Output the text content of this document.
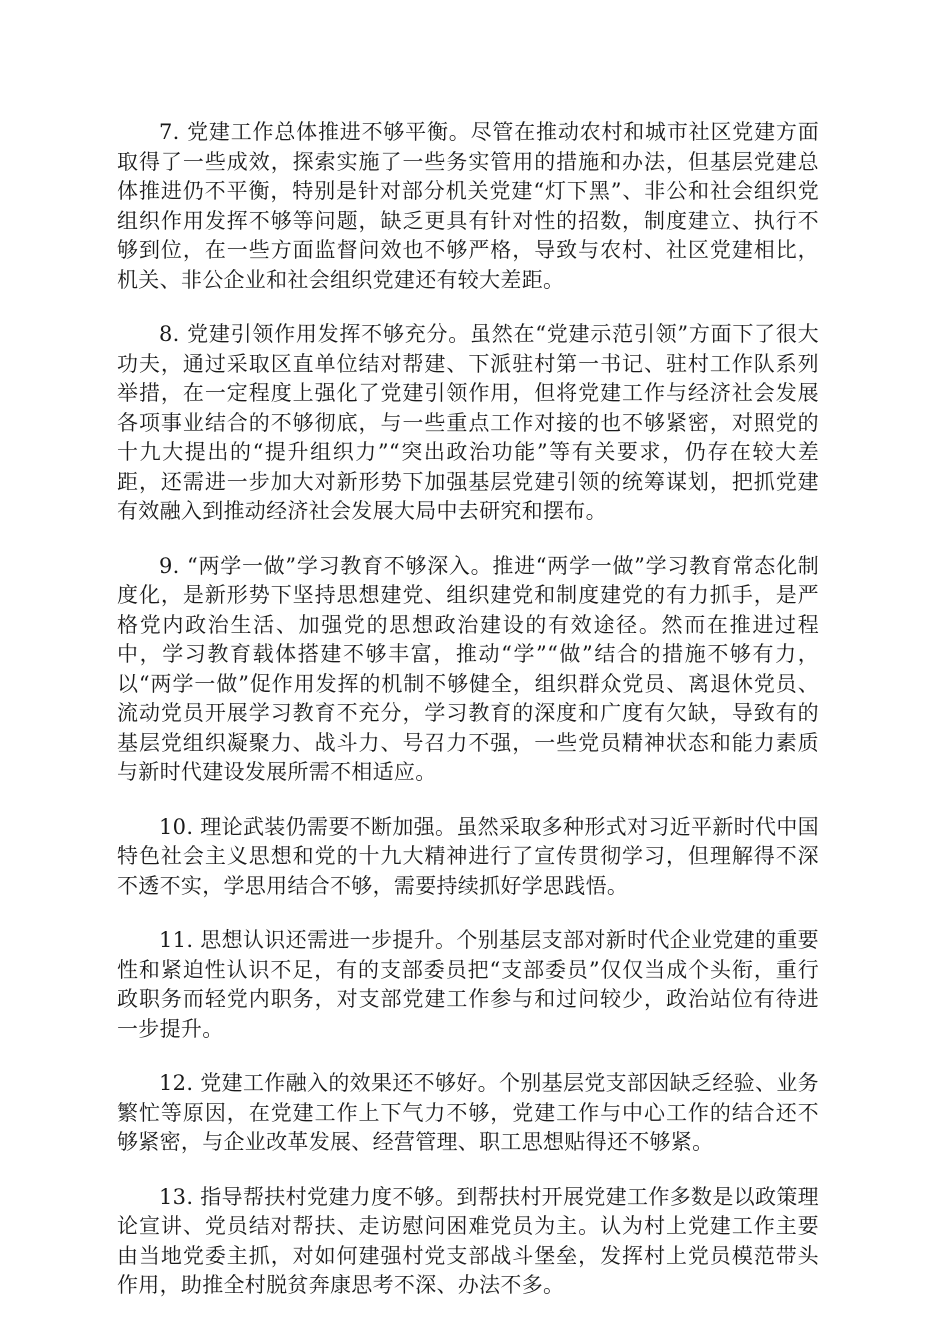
7. 党建工作总体推进不够平衡。尽管在推动农村和城市社区党建方面取得了一些成效，探索实施了一些务实管用的措施和办法，但基层党建总体推进仍不平衡，特别是针对部分机关党建“灯下黑”、非公和社会组织党组织作用发挥不够等问题，缺乏更具有针对性的招数，制度建立、执行不够到位，在一些方面监督问效也不够严格，导致与农村、社区党建相比，机关、非公企业和社会组织党建还有较大差距。

8. 党建引领作用发挥不够充分。虽然在“党建示范引领”方面下了很大功夫，通过采取区直单位结对帮建、下派驻村第一书记、驻村工作队系列举措，在一定程度上强化了党建引领作用，但将党建工作与经济社会发展各项事业结合的不够彻底，与一些重点工作对接的也不够紧密，对照党的十九大提出的“提升组织力”“突出政治功能”等有关要求，仍存在较大差距，还需进一步加大对新形势下加强基层党建引领的统筹谋划，把抓党建有效融入到推动经济社会发展大局中去研究和摆布。

9. “两学一做”学习教育不够深入。推进“两学一做”学习教育常态化制度化，是新形势下坚持思想建党、组织建党和制度建党的有力抓手，是严格党内政治生活、加强党的思想政治建设的有效途径。然而在推进过程中，学习教育载体搭建不够丰富，推动“学”“做”结合的措施不够有力，以“两学一做”促作用发挥的机制不够健全，组织群众党员、离退休党员、流动党员开展学习教育不充分，学习教育的深度和广度有欠缺，导致有的基层党组织凝聚力、战斗力、号召力不强，一些党员精神状态和能力素质与新时代建设发展所需不相适应。

10. 理论武装仍需要不断加强。虽然采取多种形式对习近平新时代中国特色社会主义思想和党的十九大精神进行了宣传贯彻学习，但理解得不深不透不实，学思用结合不够，需要持续抓好学思践悟。

11. 思想认识还需进一步提升。个别基层支部对新时代企业党建的重要性和紧迫性认识不足，有的支部委员把“支部委员”仅仅当成个头衔，重行政职务而轻党内职务，对支部党建工作参与和过问较少，政治站位有待进一步提升。

12. 党建工作融入的效果还不够好。个别基层党支部因缺乏经验、业务繁忙等原因，在党建工作上下气力不够，党建工作与中心工作的结合还不够紧密，与企业改革发展、经营管理、职工思想贴得还不够紧。

13. 指导帮扶村党建力度不够。到帮扶村开展党建工作多数是以政策理论宣讲、党员结对帮扶、走访慰问困难党员为主。认为村上党建工作主要由当地党委主抓，对如何建强村党支部战斗堡垒，发挥村上党员模范带头作用，助推全村脱贫奔康思考不深、办法不多。
